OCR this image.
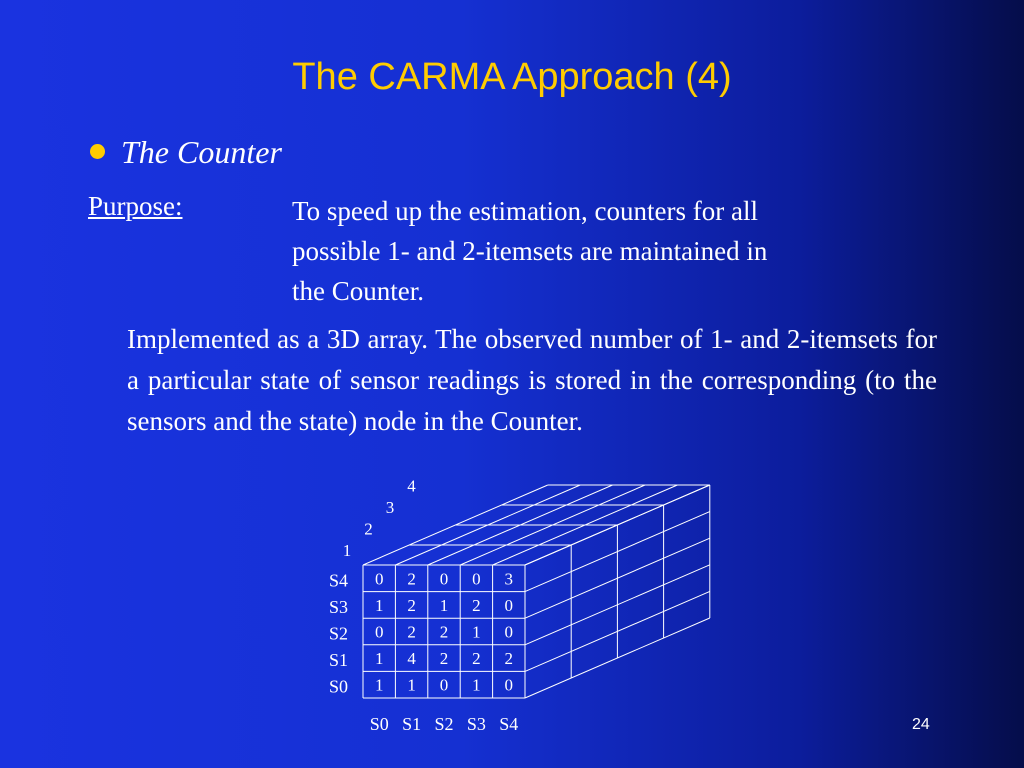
The CARMA Approach (4)
The Counter
Purpose:	To speed up the estimation, counters for all
possible 1- and 2-itemsets are maintained in
the Counter.
Implemented as a 3D array. The observed number of 1- and 2-itemsets for a particular state of sensor readings is stored in the corresponding (to the sensors and the state) node in the Counter.
0 2 0 0 3
1 2 1 2 0
0 2 2 1 0
1 4 2 2 2
1 1 0 1 0
S4
S3
S2
S1
S0
S0 S1 S2 S3 S4
1
2
3
4
24
